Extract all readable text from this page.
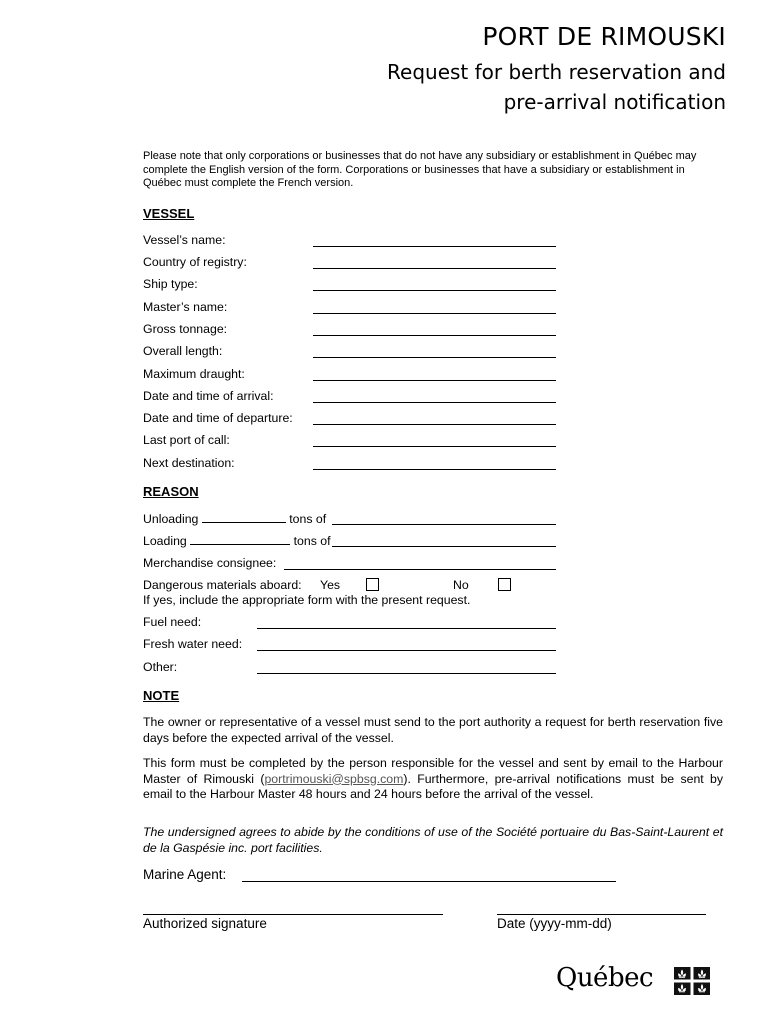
PORT DE RIMOUSKI
Request for berth reservation and
pre-arrival notification
Please note that only corporations or businesses that do not have any subsidiary or establishment in Québec may complete the English version of the form. Corporations or businesses that have a subsidiary or establishment in Québec must complete the French version.
VESSEL
Vessel’s name:
Country of registry:
Ship type:
Master’s name:
Gross tonnage:
Overall length:
Maximum draught:
Date and time of arrival:
Date and time of departure:
Last port of call:
Next destination:
REASON
Unloading	tons of
Loading	tons of
Merchandise consignee:
Dangerous materials aboard: Yes	No
If yes, include the appropriate form with the present request.
Fuel need:
Fresh water need:
Other:
NOTE
The owner or representative of a vessel must send to the port authority a request for berth reservation five days before the expected arrival of the vessel.
This form must be completed by the person responsible for the vessel and sent by email to the Harbour Master of Rimouski (portrimouski@spbsg.com). Furthermore, pre-arrival notifications must be sent by email to the Harbour Master 48 hours and 24 hours before the arrival of the vessel.
The undersigned agrees to abide by the conditions of use of the Société portuaire du Bas-Saint-Laurent et de la Gaspésie inc. port facilities.
Marine Agent:
Authorized signature	Date (yyyy-mm-dd)
Québec
